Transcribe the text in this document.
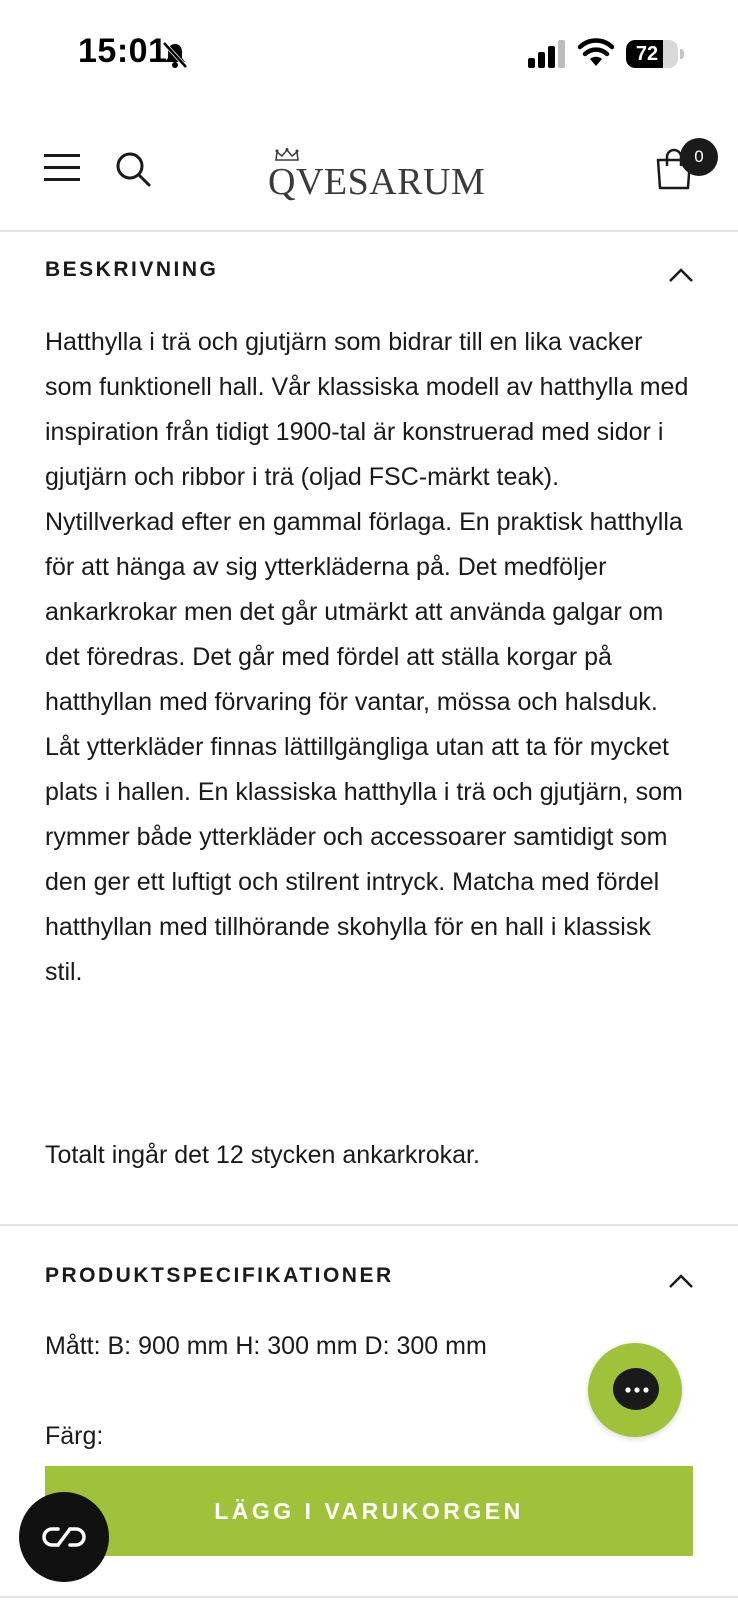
15:01	72
QVESARUM
0
BESKRIVNING
Hatthylla i trä och gjutjärn som bidrar till en lika vacker som funktionell hall. Vår klassiska modell av hatthylla med inspiration från tidigt 1900-tal är konstruerad med sidor i gjutjärn och ribbor i trä (oljad FSC-märkt teak). Nytillverkad efter en gammal förlaga. En praktisk hatthylla för att hänga av sig ytterkläderna på. Det medföljer ankarkrokar men det går utmärkt att använda galgar om det föredras. Det går med fördel att ställa korgar på hatthyllan med förvaring för vantar, mössa och halsduk. Låt ytterkläder finnas lättillgängliga utan att ta för mycket plats i hallen. En klassiska hatthylla i trä och gjutjärn, som rymmer både ytterkläder och accessoarer samtidigt som den ger ett luftigt och stilrent intryck. Matcha med fördel hatthyllan med tillhörande skohylla för en hall i klassisk stil.
Totalt ingår det 12 stycken ankarkrokar.
PRODUKTSPECIFIKATIONER
Mått: B: 900 mm H: 300 mm D: 300 mm
Färg:
LÄGG I VARUKORGEN
